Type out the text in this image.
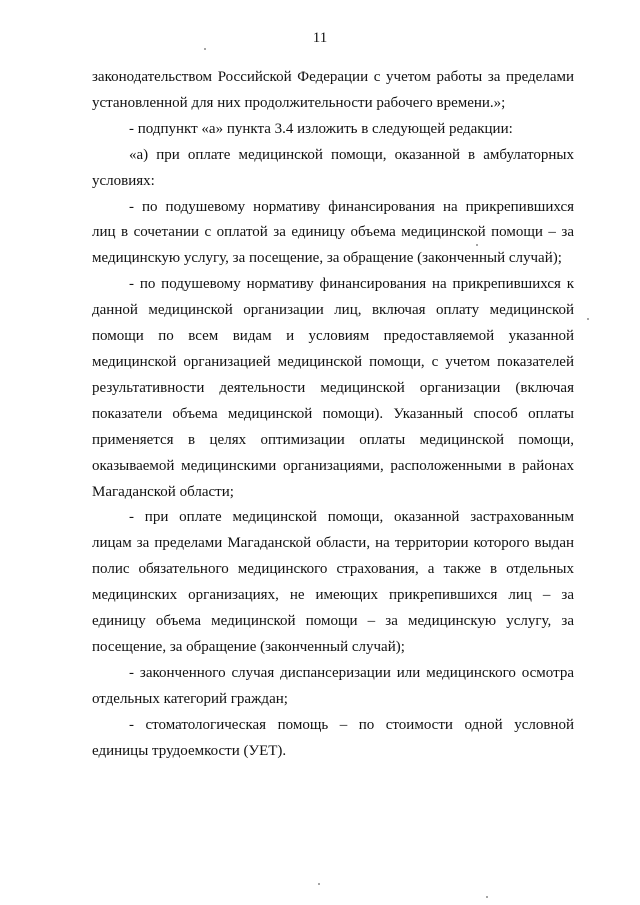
11

законодательством Российской Федерации с учетом работы за пределами установленной для них продолжительности рабочего времени.»;

- подпункт «а» пункта 3.4 изложить в следующей редакции:

«а) при оплате медицинской помощи, оказанной в амбулаторных условиях:

- по подушевому нормативу финансирования на прикрепившихся лиц в сочетании с оплатой за единицу объема медицинской помощи – за медицинскую услугу, за посещение, за обращение (законченный случай);

- по подушевому нормативу финансирования на прикрепившихся к данной медицинской организации лиц, включая оплату медицинской помощи по всем видам и условиям предоставляемой указанной медицинской организацией медицинской помощи, с учетом показателей результативности деятельности медицинской организации (включая показатели объема медицинской помощи). Указанный способ оплаты применяется в целях оптимизации оплаты медицинской помощи, оказываемой медицинскими организациями, расположенными в районах Магаданской области;

- при оплате медицинской помощи, оказанной застрахованным лицам за пределами Магаданской области, на территории которого выдан полис обязательного медицинского страхования, а также в отдельных медицинских организациях, не имеющих прикрепившихся лиц – за единицу объема медицинской помощи – за медицинскую услугу, за посещение, за обращение (законченный случай);

- законченного случая диспансеризации или медицинского осмотра отдельных категорий граждан;

- стоматологическая помощь – по стоимости одной условной единицы трудоемкости (УЕТ).
